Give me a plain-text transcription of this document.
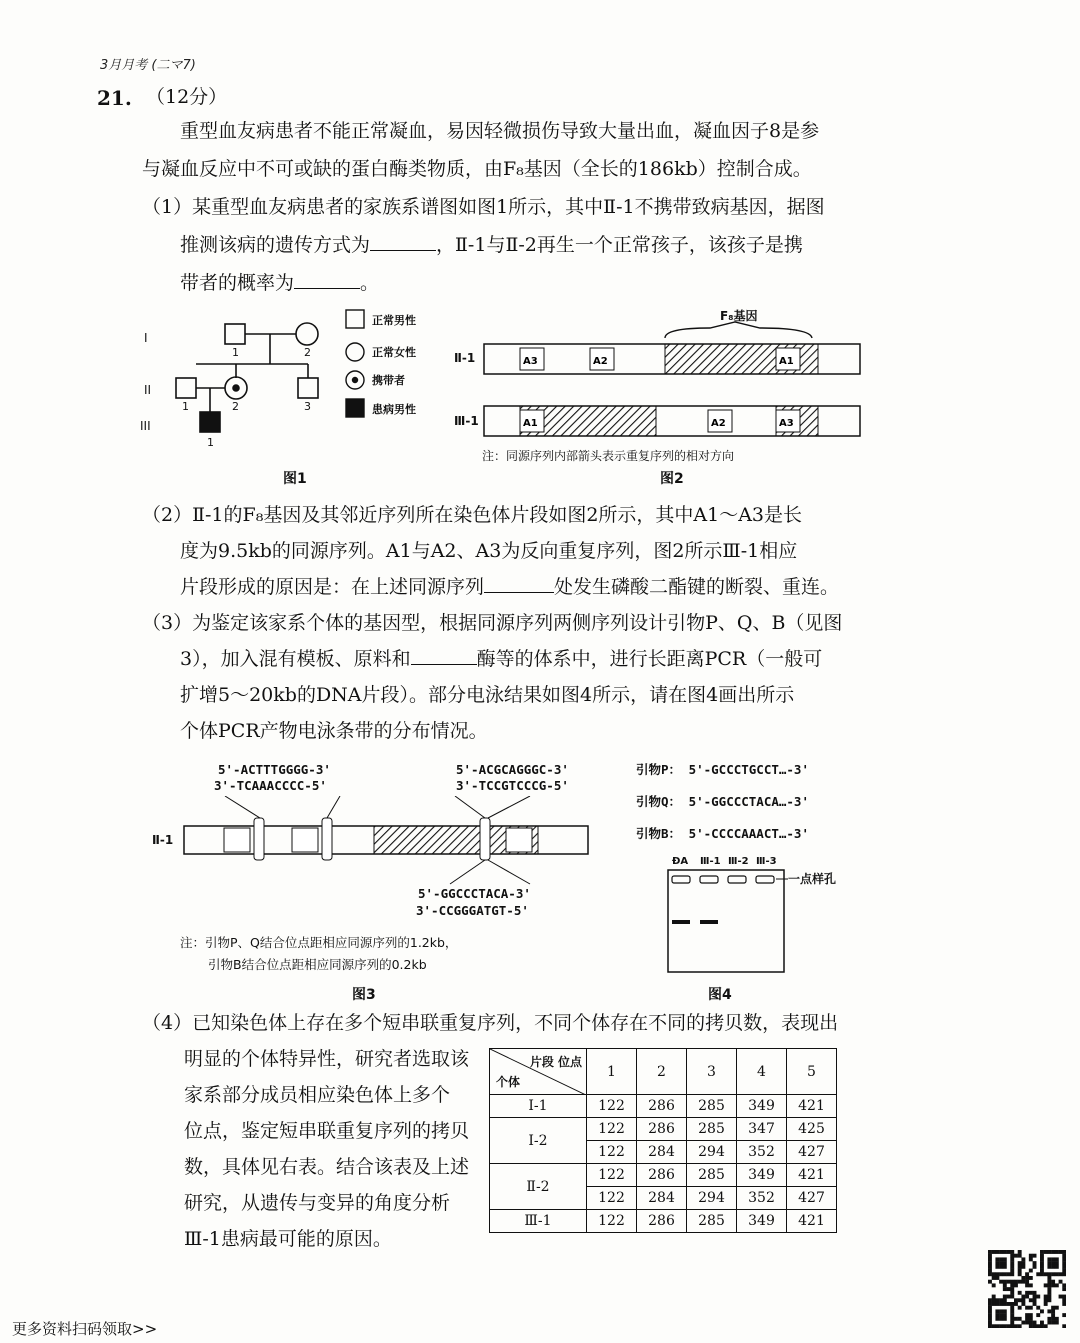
3月月考 (二マ7)
21. （12分）
重型血友病患者不能正常凝血，易因轻微损伤导致大量出血，凝血因子8是参
与凝血反应中不可或缺的蛋白酶类物质，由F₈基因（全长的186kb）控制合成。
（1）某重型血友病患者的家族系谱图如图1所示，其中Ⅱ-1不携带致病基因，据图
推测该病的遗传方式为	，Ⅱ-1与Ⅱ-2再生一个正常孩子，该孩子是携
带者的概率为	。
I
II
III
1	2
1	2	3
1
正常男性
正常女性
携带者
患病男性
图1
F₈基因
Ⅱ-1	A3	A2	A1
Ⅲ-1	A1	A2	A3
注：同源序列内部箭头表示重复序列的相对方向
图2
（2）Ⅱ-1的F₈基因及其邻近序列所在染色体片段如图2所示，其中A1～A3是长
度为9.5kb的同源序列。A1与A2、A3为反向重复序列，图2所示Ⅲ-1相应
片段形成的原因是：在上述同源序列	处发生磷酸二酯键的断裂、重连。
（3）为鉴定该家系个体的基因型，根据同源序列两侧序列设计引物P、Q、B（见图
3），加入混有模板、原料和	酶等的体系中，进行长距离PCR（一般可
扩增5～20kb的DNA片段）。部分电泳结果如图4所示，请在图4画出所示
个体PCR产物电泳条带的分布情况。
5'-ACTTTGGGG-3'
3'-TCAAACCCC-5'
5'-ACGCAGGGC-3'
3'-TCCGTCCCG-5'
Ⅱ-1
5'-GGCCCTACA-3'
3'-CCGGGATGT-5'
注：引物P、Q结合位点距相应同源序列的1.2kb，
引物B结合位点距相应同源序列的0.2kb
图3
引物P： 5'-GCCCTGCCT…-3'
引物Q： 5'-GGCCCTACA…-3'
引物B： 5'-CCCCAAACT…-3'
ĐA Ⅲ-1 Ⅲ-2 Ⅲ-3
一点样孔
图4
（4）已知染色体上存在多个短串联重复序列，不同个体存在不同的拷贝数，表现出
明显的个体特异性，研究者选取该
家系部分成员相应染色体上多个
位点，鉴定短串联重复序列的拷贝
数，具体见右表。结合该表及上述
研究，从遗传与变异的角度分析
Ⅲ-1患病最可能的原因。
片段 位点
个体	1	2	3	4	5
I-1	122	286	285	349	421
I-2	122	286	285	347	425
	122	284	294	352	427
Ⅱ-2	122	286	285	349	421
	122	284	294	352	427
Ⅲ-1	122	286	285	349	421
更多资料扫码领取>>
